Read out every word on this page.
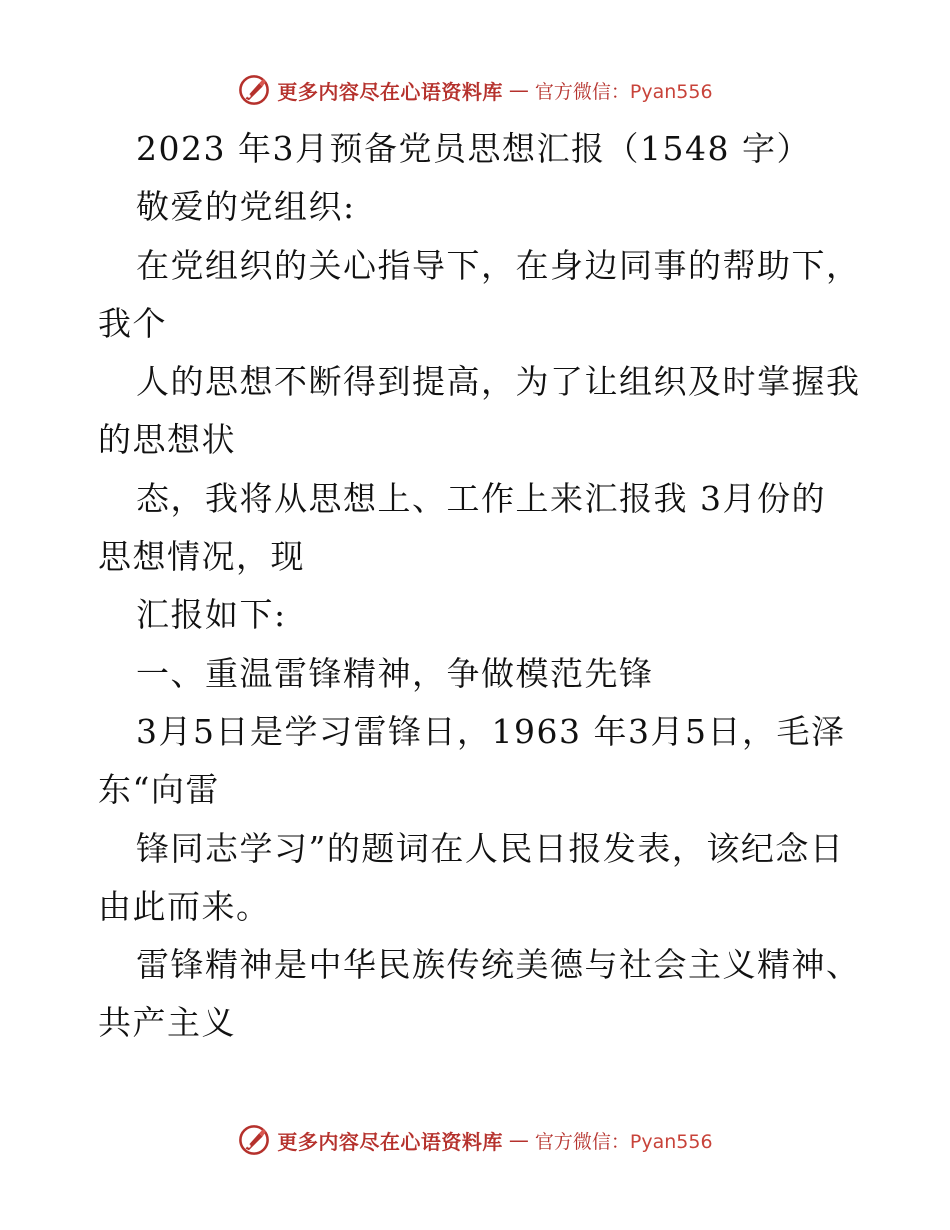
更多内容尽在心语资料库 — 官方微信：Pyan556
2023 年3月预备党员思想汇报（1548 字）
敬爱的党组织:
在党组织的关心指导下，在身边同事的帮助下，
我个
人的思想不断得到提高，为了让组织及时掌握我
的思想状
态，我将从思想上、工作上来汇报我 3月份的
思想情况，现
汇报如下:
一、重温雷锋精神，争做模范先锋
3月5日是学习雷锋日，1963 年3月5日，毛泽
东“向雷
锋同志学习”的题词在人民日报发表，该纪念日
由此而来。
雷锋精神是中华民族传统美德与社会主义精神、
共产主义
更多内容尽在心语资料库 — 官方微信：Pyan556
